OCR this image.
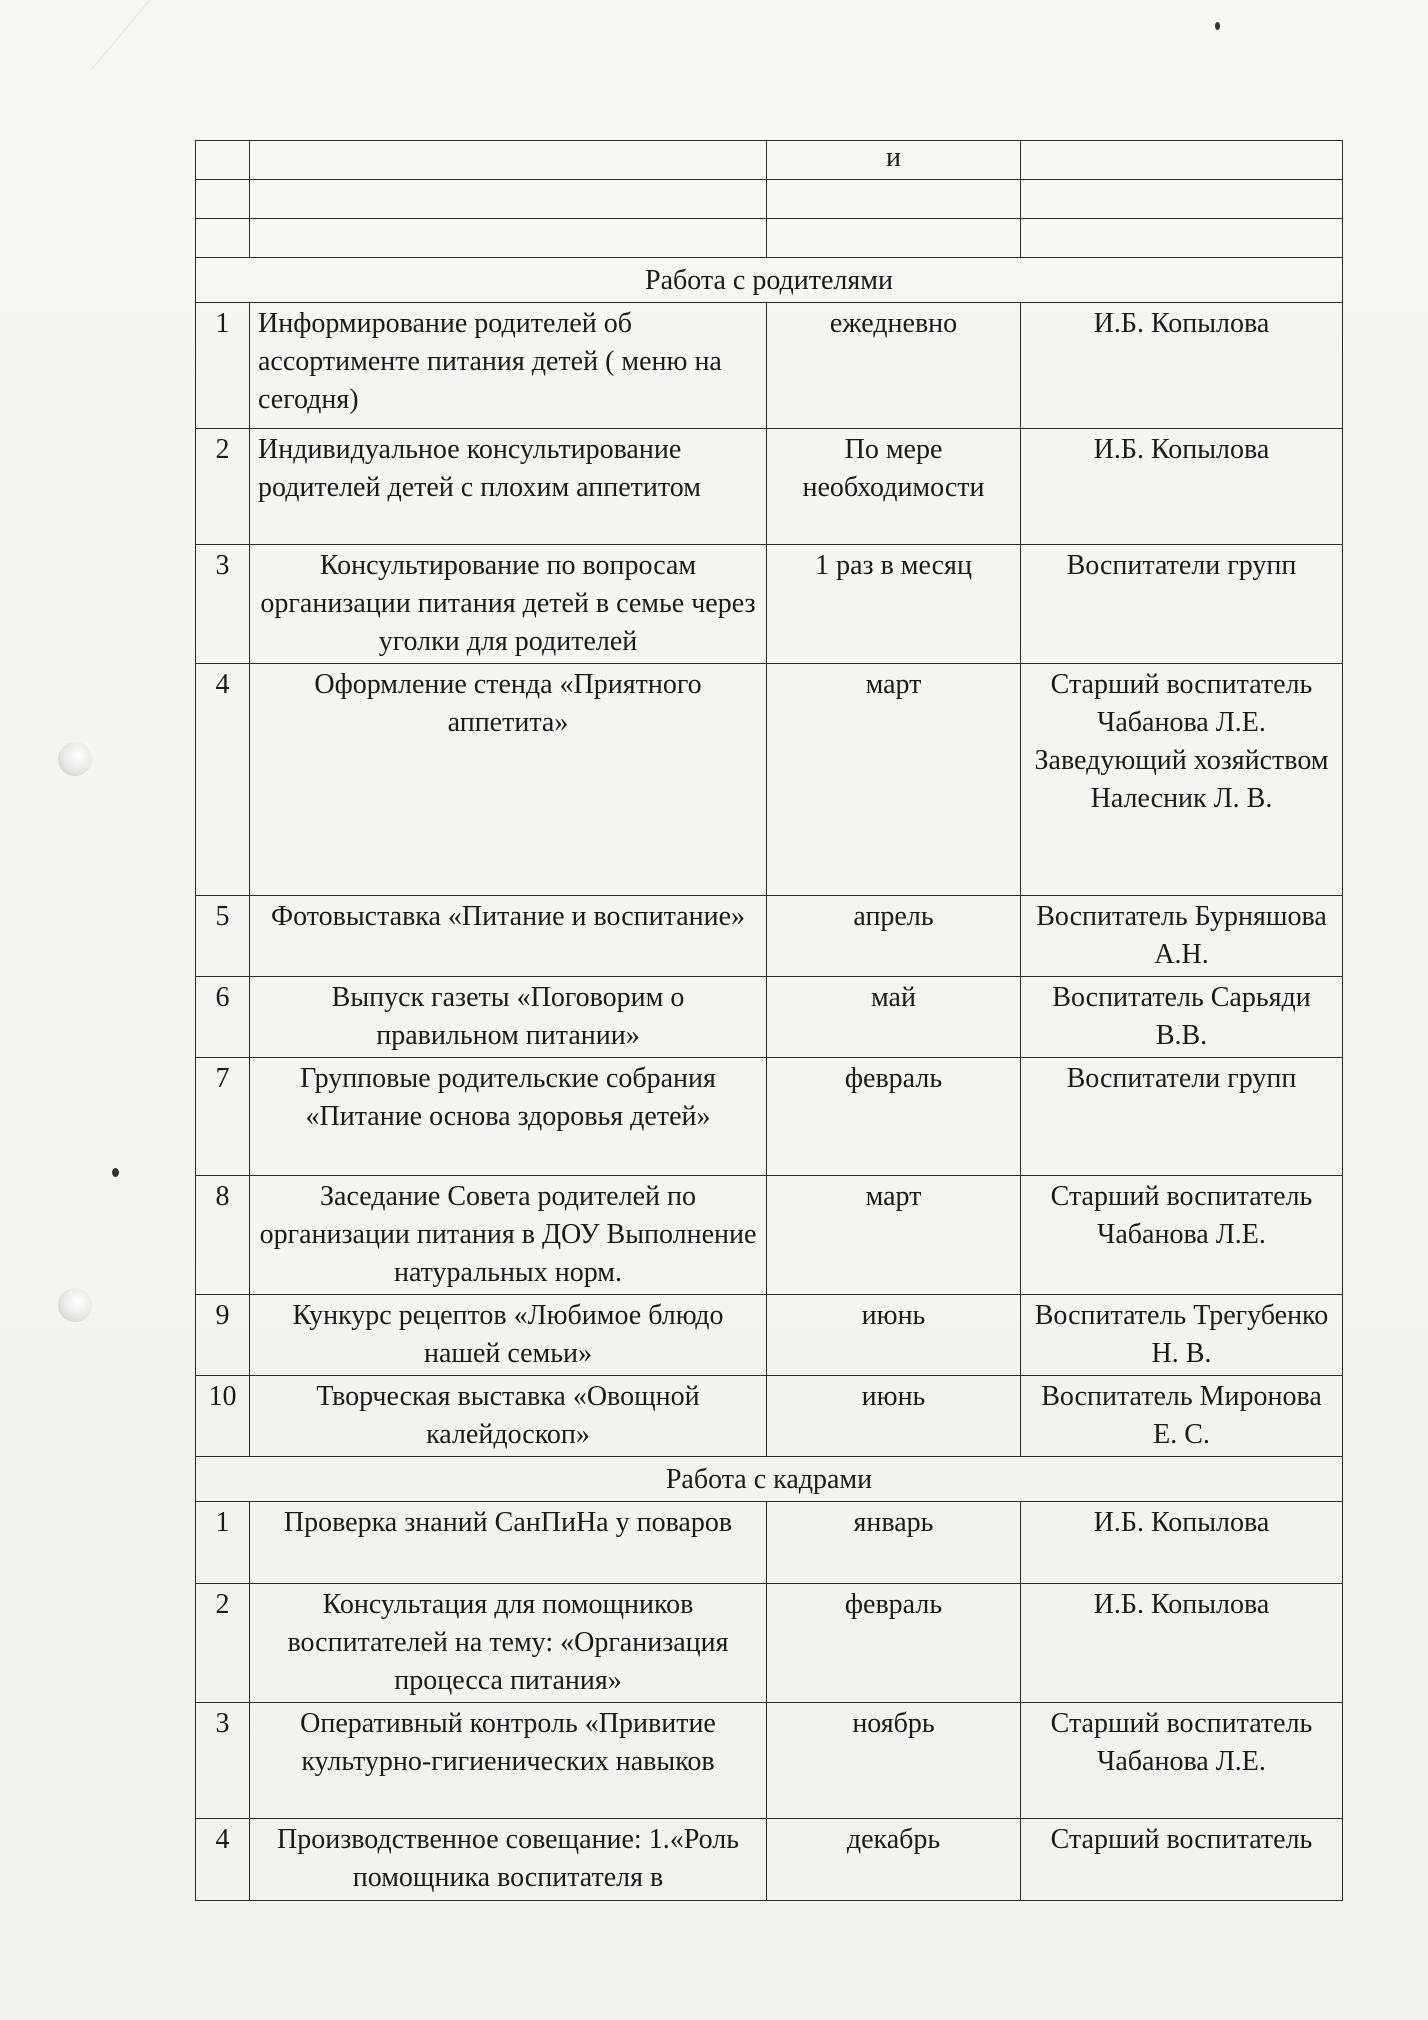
		и	

Работа с родителями			
1	Информирование родителей об ассортименте питания детей ( меню на сегодня)	ежедневно	И.Б. Копылова
2	Индивидуальное консультирование родителей детей с плохим аппетитом	По мере необходимости	И.Б. Копылова
3	Консультирование по вопросам организации питания детей в семье через уголки для родителей	1 раз в месяц	Воспитатели групп
4	Оформление стенда «Приятного аппетита»	март	Старший воспитатель Чабанова Л.Е. Заведующий хозяйством Налесник Л. В.
5	Фотовыставка «Питание и воспитание»	апрель	Воспитатель Бурняшова А.Н.
6	Выпуск газеты «Поговорим о правильном питании»	май	Воспитатель Сарьяди В.В.
7	Групповые родительские собрания «Питание основа здоровья детей»	февраль	Воспитатели групп
8	Заседание Совета родителей по организации питания в ДОУ Выполнение натуральных норм.	март	Старший воспитатель Чабанова Л.Е.
9	Кункурс рецептов «Любимое блюдо нашей семьи»	июнь	Воспитатель Трегубенко Н. В.
10	Творческая выставка «Овощной калейдоскоп»	июнь	Воспитатель Миронова Е. С.
Работа с кадрами			
1	Проверка знаний СанПиНа у поваров	январь	И.Б. Копылова
2	Консультация для помощников воспитателей на тему: «Организация процесса питания»	февраль	И.Б. Копылова
3	Оперативный контроль «Привитие культурно-гигиенических навыков	ноябрь	Старший воспитатель Чабанова Л.Е.
4	Производственное совещание: 1.«Роль помощника воспитателя в	декабрь	Старший воспитатель
